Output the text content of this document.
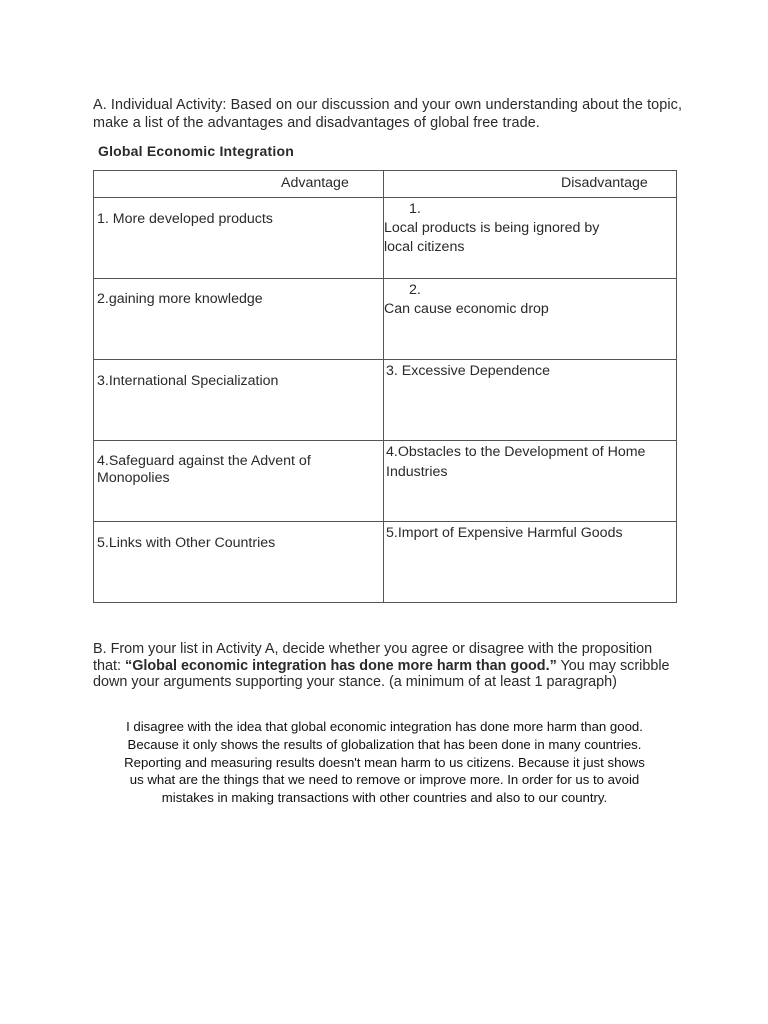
A. Individual Activity: Based on our discussion and your own understanding about the topic, make a list of the advantages and disadvantages of global free trade.
Global Economic Integration
Advantage	Disadvantage

1. More developed products	1.Local products is being ignored by local citizens

2.gaining more knowledge	2.Can cause economic drop

3.International Specialization	3. Excessive Dependence

4.Safeguard against the Advent of Monopolies	4.Obstacles to the Development of Home Industries

5.Links with Other Countries	5.Import of Expensive Harmful Goods
B. From your list in Activity A, decide whether you agree or disagree with the proposition that: “Global economic integration has done more harm than good.” You may scribble down your arguments supporting your stance. (a minimum of at least 1 paragraph)
I disagree with the idea that global economic integration has done more harm than good.
Because it only shows the results of globalization that has been done in many countries.
Reporting and measuring results doesn't mean harm to us citizens. Because it just shows
us what are the things that we need to remove or improve more. In order for us to avoid
mistakes in making transactions with other countries and also to our country.
